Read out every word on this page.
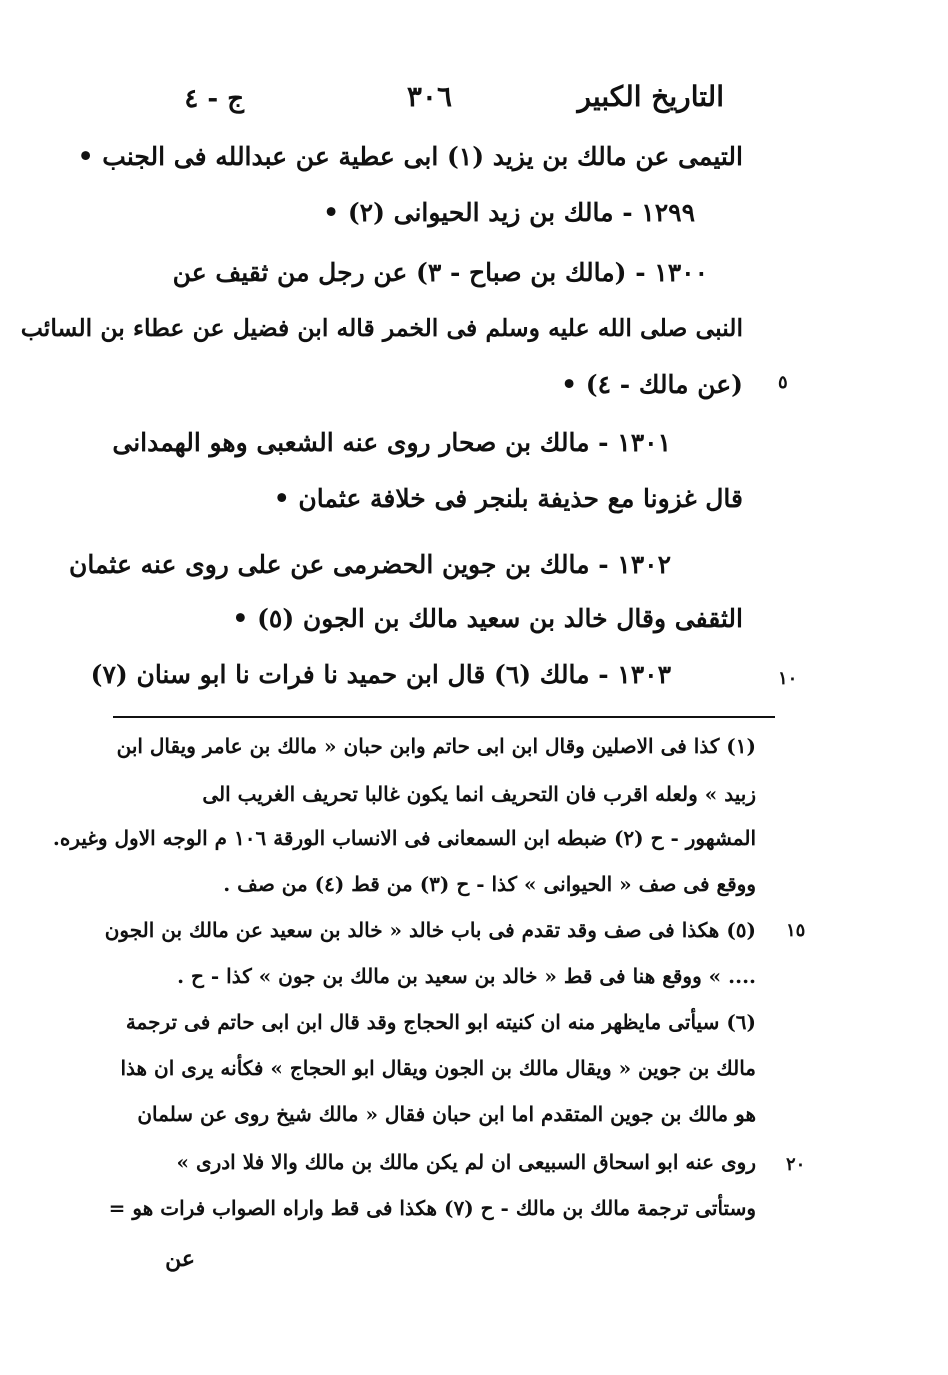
التاريخ الكبير
٣٠٦
ج - ٤
التيمى عن مالك بن يزيد (١) ابى عطية عن عبدالله فى الجنب •
١٢٩٩ - مالك بن زيد الحيوانى (٢) •
١٣٠٠ - (مالك بن صباح - ٣) عن رجل من ثقيف عن
النبى صلى الله عليه وسلم فى الخمر قاله ابن فضيل عن عطاء بن السائب
(عن مالك - ٤) •
١٣٠١ - مالك بن صحار روى عنه الشعبى وهو الهمدانى
قال غزونا مع حذيفة بلنجر فى خلافة عثمان •
١٣٠٢ - مالك بن جوين الحضرمى عن على روى عنه عثمان
الثقفى وقال خالد بن سعيد مالك بن الجون (٥) •
١٣٠٣ - مالك (٦) قال ابن حميد نا فرات نا ابو سنان (٧)
٥
١٠
١٥
٢٠
(١) كذا فى الاصلين وقال ابن ابى حاتم وابن حبان « مالك بن عامر ويقال ابن
زبيد » ولعله اقرب فان التحريف انما يكون غالبا تحريف الغريب الى
المشهور - ح (٢) ضبطه ابن السمعانى فى الانساب الورقة ١٠٦ م الوجه الاول وغيره.
ووقع فى صف « الحيوانى » كذا - ح (٣) من قط (٤) من صف .
(٥) هكذا فى صف وقد تقدم فى باب خالد « خالد بن سعيد عن مالك بن الجون
.... » ووقع هنا فى قط « خالد بن سعيد بن مالك بن جون » كذا - ح .
(٦) سيأتى مايظهر منه ان كنيته ابو الحجاج وقد قال ابن ابى حاتم فى ترجمة
مالك بن جوين « ويقال مالك بن الجون ويقال ابو الحجاج » فكأنه يرى ان هذا
هو مالك بن جوين المتقدم اما ابن حبان فقال « مالك شيخ روى عن سلمان
روى عنه ابو اسحاق السبيعى ان لم يكن مالك بن مالك والا فلا ادرى »
وستأتى ترجمة مالك بن مالك - ح (٧) هكذا فى قط واراه الصواب فرات هو =
عن
